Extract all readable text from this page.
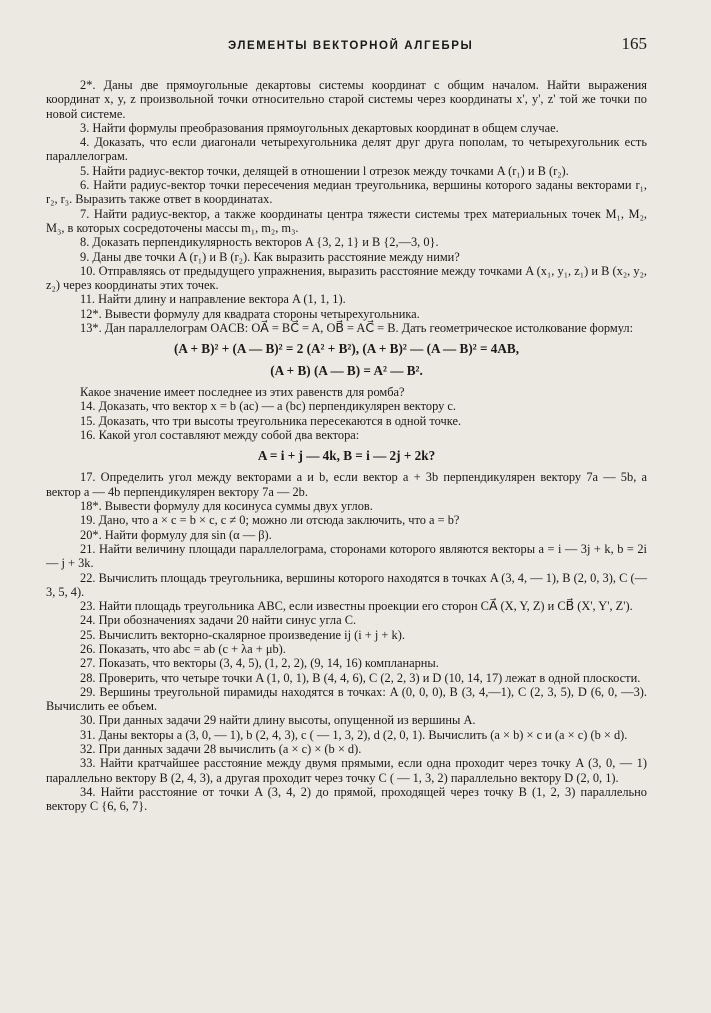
ЭЛЕМЕНТЫ ВЕКТОРНОЙ АЛГЕБРЫ	165

2*. Даны две прямоугольные декартовы системы координат с общим началом. Найти выражения координат x, y, z произвольной точки относительно старой системы через координаты x', y', z' той же точки по новой системе.

3. Найти формулы преобразования прямоугольных декартовых координат в общем случае.

4. Доказать, что если диагонали четырехугольника делят друг друга пополам, то четырехугольник есть параллелограм.

5. Найти радиус-вектор точки, делящей в отношении l отрезок между точками A (r₁) и B (r₂).

6. Найти радиус-вектор точки пересечения медиан треугольника, вершины которого заданы векторами r₁, r₂, r₃. Выразить также ответ в координатах.

7. Найти радиус-вектор, а также координаты центра тяжести системы трех материальных точек M₁, M₂, M₃, в которых сосредоточены массы m₁, m₂, m₃.

8. Доказать перпендикулярность векторов A {3, 2, 1} и B {2,—3, 0}.

9. Даны две точки A (r₁) и B (r₂). Как выразить расстояние между ними?

10. Отправляясь от предыдущего упражнения, выразить расстояние между точками A (x₁, y₁, z₁) и B (x₂, y₂, z₂) через координаты этих точек.

11. Найти длину и направление вектора A (1, 1, 1).

12*. Вывести формулу для квадрата стороны четырехугольника.

13*. Дан параллелограм OACB: OA⃗ = BC⃗ = A, OB⃗ = AC⃗ = B. Дать геометрическое истолкование формул:

(A + B)² + (A — B)² = 2 (A² + B²), (A + B)² — (A — B)² = 4AB,
(A + B) (A — B) = A² — B².

Какое значение имеет последнее из этих равенств для ромба?

14. Доказать, что вектор x = b (ac) — a (bc) перпендикулярен вектору c.

15. Доказать, что три высоты треугольника пересекаются в одной точке.

16. Какой угол составляют между собой два вектора:

A = i + j — 4k, B = i — 2j + 2k?

17. Определить угол между векторами a и b, если вектор a + 3b перпендикулярен вектору 7a — 5b, а вектор a — 4b перпендикулярен вектору 7a — 2b.

18*. Вывести формулу для косинуса суммы двух углов.

19. Дано, что a × c = b × c, c ≠ 0; можно ли отсюда заключить, что a = b?

20*. Найти формулу для sin (α — β).

21. Найти величину площади параллелограма, сторонами которого являются векторы a = i — 3j + k, b = 2i — j + 3k.

22. Вычислить площадь треугольника, вершины которого находятся в точках A (3, 4, — 1), B (2, 0, 3), C (—3, 5, 4).

23. Найти площадь треугольника ABC, если известны проекции его сторон CA⃗ (X, Y, Z) и CB⃗ (X', Y', Z').

24. При обозначениях задачи 20 найти синус угла C.

25. Вычислить векторно-скалярное произведение ij (i + j + k).

26. Показать, что abc = ab (c + λa + μb).

27. Показать, что векторы (3, 4, 5), (1, 2, 2), (9, 14, 16) компланарны.

28. Проверить, что четыре точки A (1, 0, 1), B (4, 4, 6), C (2, 2, 3) и D (10, 14, 17) лежат в одной плоскости.

29. Вершины треугольной пирамиды находятся в точках: A (0, 0, 0), B (3, 4,—1), C (2, 3, 5), D (6, 0, —3). Вычислить ее объем.

30. При данных задачи 29 найти длину высоты, опущенной из вершины A.

31. Даны векторы a (3, 0, — 1), b (2, 4, 3), c ( — 1, 3, 2), d (2, 0, 1). Вычислить (a × b) × c и (a × c) (b × d).

32. При данных задачи 28 вычислить (a × c) × (b × d).

33. Найти кратчайшее расстояние между двумя прямыми, если одна проходит через точку A (3, 0, — 1) параллельно вектору B (2, 4, 3), а другая проходит через точку C ( — 1, 3, 2) параллельно вектору D (2, 0, 1).

34. Найти расстояние от точки A (3, 4, 2) до прямой, проходящей через точку B (1, 2, 3) параллельно вектору C {6, 6, 7}.
